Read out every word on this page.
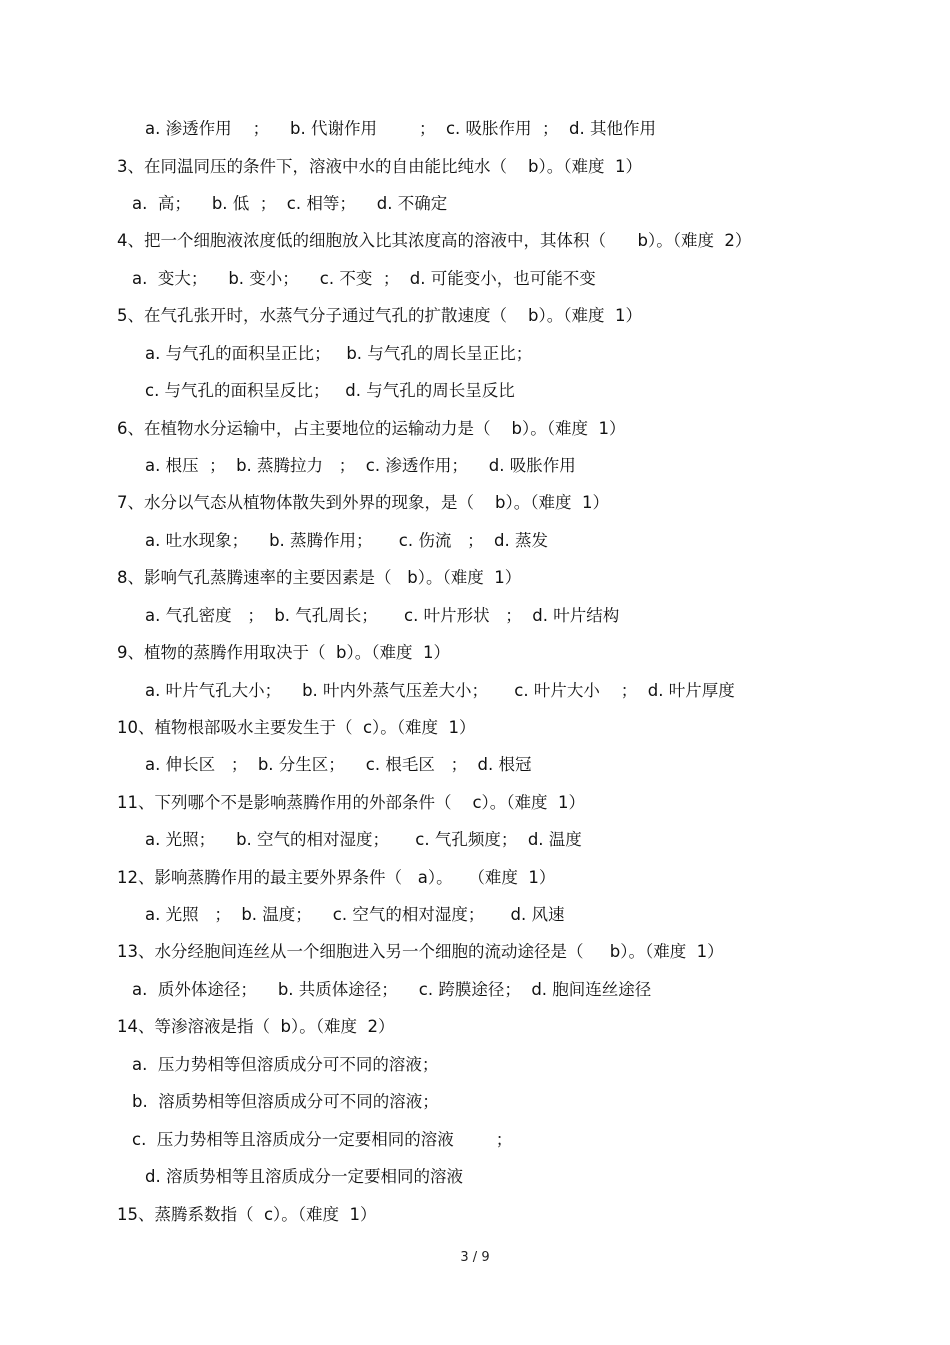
a. 渗透作用    ；    b. 代谢作用        ；  c. 吸胀作用  ；  d. 其他作用
3、在同温同压的条件下，溶液中水的自由能比纯水（    b）。（难度  1）
a.  高；    b. 低  ；  c. 相等；    d. 不确定
4、把一个细胞液浓度低的细胞放入比其浓度高的溶液中，其体积（      b）。（难度  2）
a.  变大；    b. 变小；    c. 不变  ；  d. 可能变小，也可能不变
5、在气孔张开时，水蒸气分子通过气孔的扩散速度（    b）。（难度  1）
a. 与气孔的面积呈正比；   b. 与气孔的周长呈正比；
c. 与气孔的面积呈反比；   d. 与气孔的周长呈反比
6、在植物水分运输中，占主要地位的运输动力是（    b）。（难度  1）
a. 根压  ；  b. 蒸腾拉力   ；  c. 渗透作用；    d. 吸胀作用
7、水分以气态从植物体散失到外界的现象，是（    b）。（难度  1）
a. 吐水现象；    b. 蒸腾作用；     c. 伤流   ；  d. 蒸发
8、影响气孔蒸腾速率的主要因素是（   b）。（难度  1）
a. 气孔密度   ；  b. 气孔周长；     c. 叶片形状   ；  d. 叶片结构
9、植物的蒸腾作用取决于（  b）。（难度  1）
a. 叶片气孔大小；    b. 叶内外蒸气压差大小；     c. 叶片大小    ；  d. 叶片厚度
10、植物根部吸水主要发生于（  c）。（难度  1）
a. 伸长区   ；  b. 分生区；    c. 根毛区   ；  d. 根冠
11、下列哪个不是影响蒸腾作用的外部条件（    c）。（难度  1）
a. 光照；    b. 空气的相对湿度；     c. 气孔频度；  d. 温度
12、影响蒸腾作用的最主要外界条件（   a）。   （难度  1）
a. 光照   ；  b. 温度；    c. 空气的相对湿度；     d. 风速
13、水分经胞间连丝从一个细胞进入另一个细胞的流动途径是（     b）。（难度  1）
a.  质外体途径；    b. 共质体途径；    c. 跨膜途径；  d. 胞间连丝途径
14、等渗溶液是指（  b）。（难度  2）
a.  压力势相等但溶质成分可不同的溶液；
b.  溶质势相等但溶质成分可不同的溶液；
c.  压力势相等且溶质成分一定要相同的溶液        ；
d. 溶质势相等且溶质成分一定要相同的溶液
15、蒸腾系数指（  c）。（难度  1）
3 / 9
